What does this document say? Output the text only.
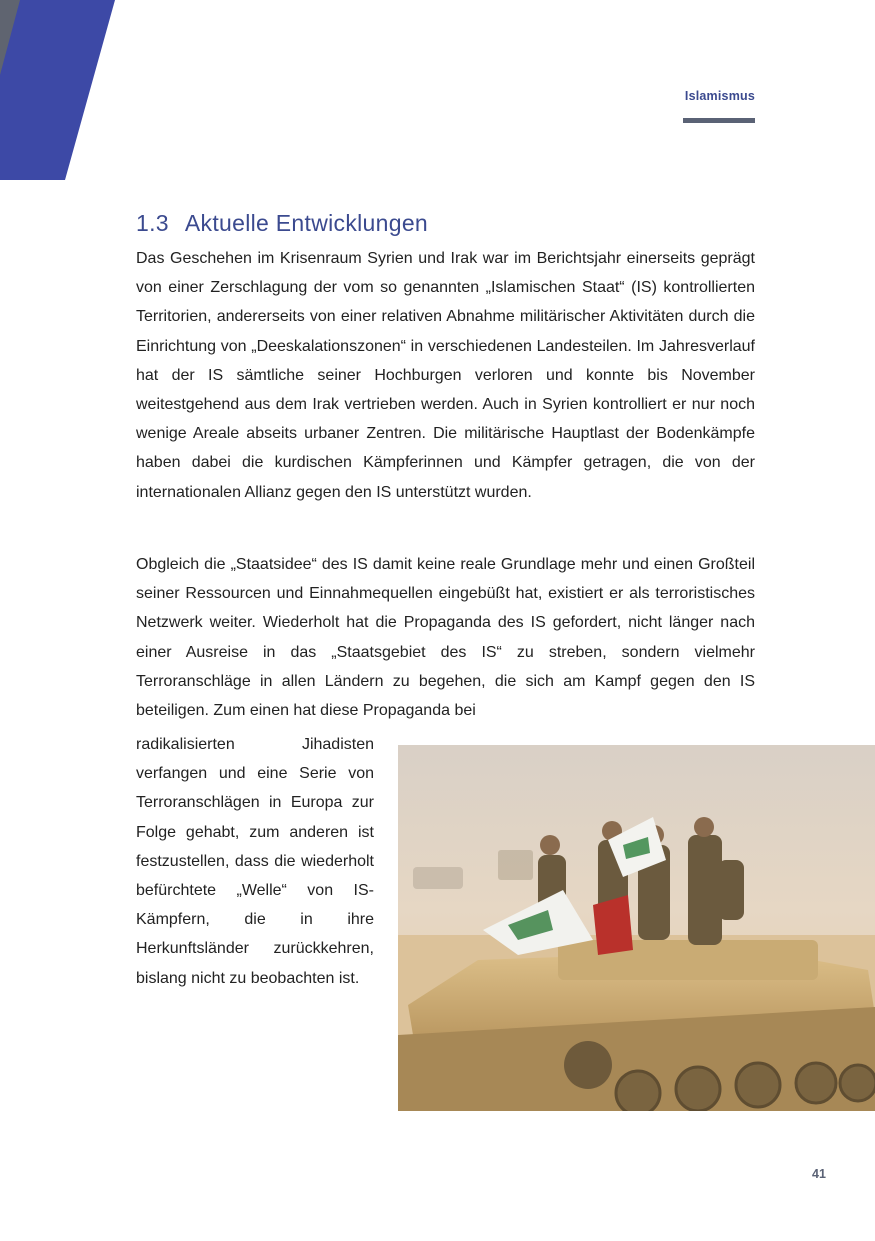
Islamismus
1.3 Aktuelle Entwicklungen

Das Geschehen im Krisenraum Syrien und Irak war im Berichtsjahr einerseits geprägt von einer Zerschlagung der vom so genannten „Islamischen Staat“ (IS) kontrollierten Territorien, andererseits von einer relativen Abnahme militärischer Aktivitäten durch die Einrichtung von „Deeskalationszonen“ in verschiedenen Landesteilen. Im Jahresverlauf hat der IS sämtliche seiner Hochburgen verloren und konnte bis November weitestgehend aus dem Irak vertrieben werden. Auch in Syrien kontrolliert er nur noch wenige Areale abseits urbaner Zentren. Die militärische Hauptlast der Bodenkämpfe haben dabei die kurdischen Kämpferinnen und Kämpfer getragen, die von der internationalen Allianz gegen den IS unterstützt wurden.

Obgleich die „Staatsidee“ des IS damit keine reale Grundlage mehr und einen Großteil seiner Ressourcen und Einnahmequellen eingebüßt hat, existiert er als terroristisches Netzwerk weiter. Wiederholt hat die Propaganda des IS gefordert, nicht länger nach einer Ausreise in das „Staatsgebiet des IS“ zu streben, sondern vielmehr Terroranschläge in allen Ländern zu begehen, die sich am Kampf gegen den IS beteiligen. Zum einen hat diese Propaganda bei

radikalisierten Jihadisten verfangen und eine Serie von Terroranschlägen in Europa zur Folge gehabt, zum anderen ist festzustellen, dass die wiederholt befürchtete „Welle“ von IS-Kämpfern, die in ihre Herkunftsländer zurückkehren, bislang nicht zu beobachten ist.

41
